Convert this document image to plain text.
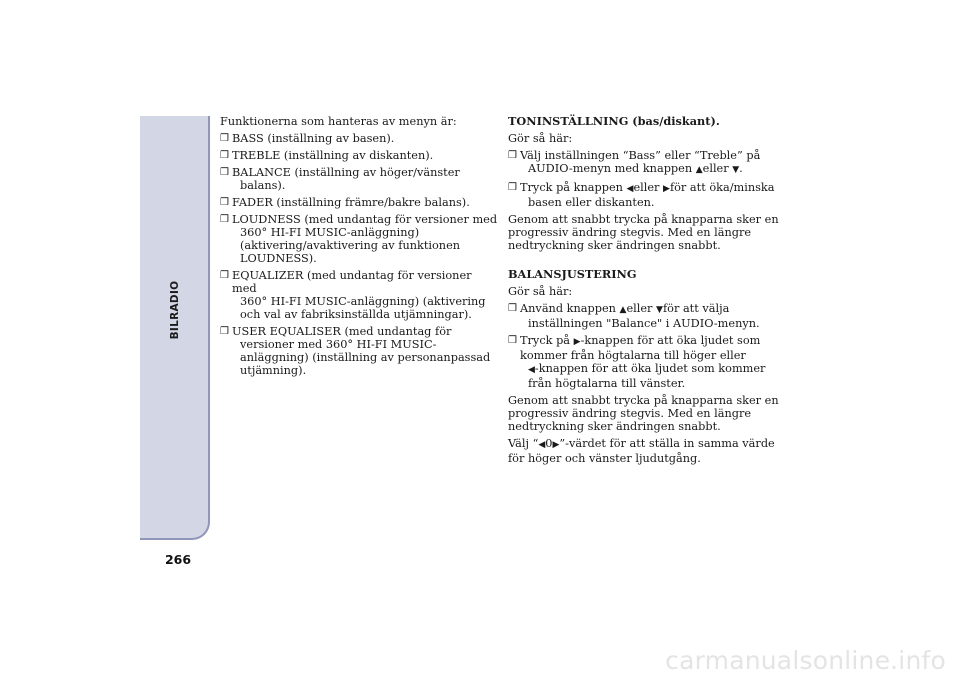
BILRADIO
266

Funktionerna som hanteras av menyn är:

❒ BASS (inställning av basen).
❒ TREBLE (inställning av diskanten).
❒ BALANCE (inställning av höger/vänster
balans).
❒ FADER (inställning främre/bakre balans).
❒ LOUDNESS (med undantag för versioner med
360° HI-FI MUSIC-anläggning) (aktivering/avaktivering av funktionen LOUDNESS).
❒ EQUALIZER (med undantag för versioner med
360° HI-FI MUSIC-anläggning) (aktivering och val av fabriksinställda utjämningar).
❒ USER EQUALISER (med undantag för
versioner med 360° HI-FI MUSIC-anläggning) (inställning av personanpassad utjämning).

TONINSTÄLLNING (bas/diskant).

Gör så här:

❒ Välj inställningen “Bass” eller “Treble” på
AUDIO-menyn med knappen ▲eller ▼.
❒ Tryck på knappen ◀eller ▶för att öka/minska
basen eller diskanten.

Genom att snabbt trycka på knapparna sker en progressiv ändring stegvis. Med en längre nedtryckning sker ändringen snabbt.

BALANSJUSTERING

Gör så här:

❒ Använd knappen ▲eller ▼för att välja
inställningen "Balance" i AUDIO-menyn.
❒ Tryck på ▶-knappen för att öka ljudet som kommer från högtalarna till höger eller
◀-knappen för att öka ljudet som kommer från högtalarna till vänster.

Genom att snabbt trycka på knapparna sker en progressiv ändring stegvis. Med en längre nedtryckning sker ändringen snabbt.

Välj “◀0▶”-värdet för att ställa in samma värde för höger och vänster ljudutgång.

carmanualsonline.info
